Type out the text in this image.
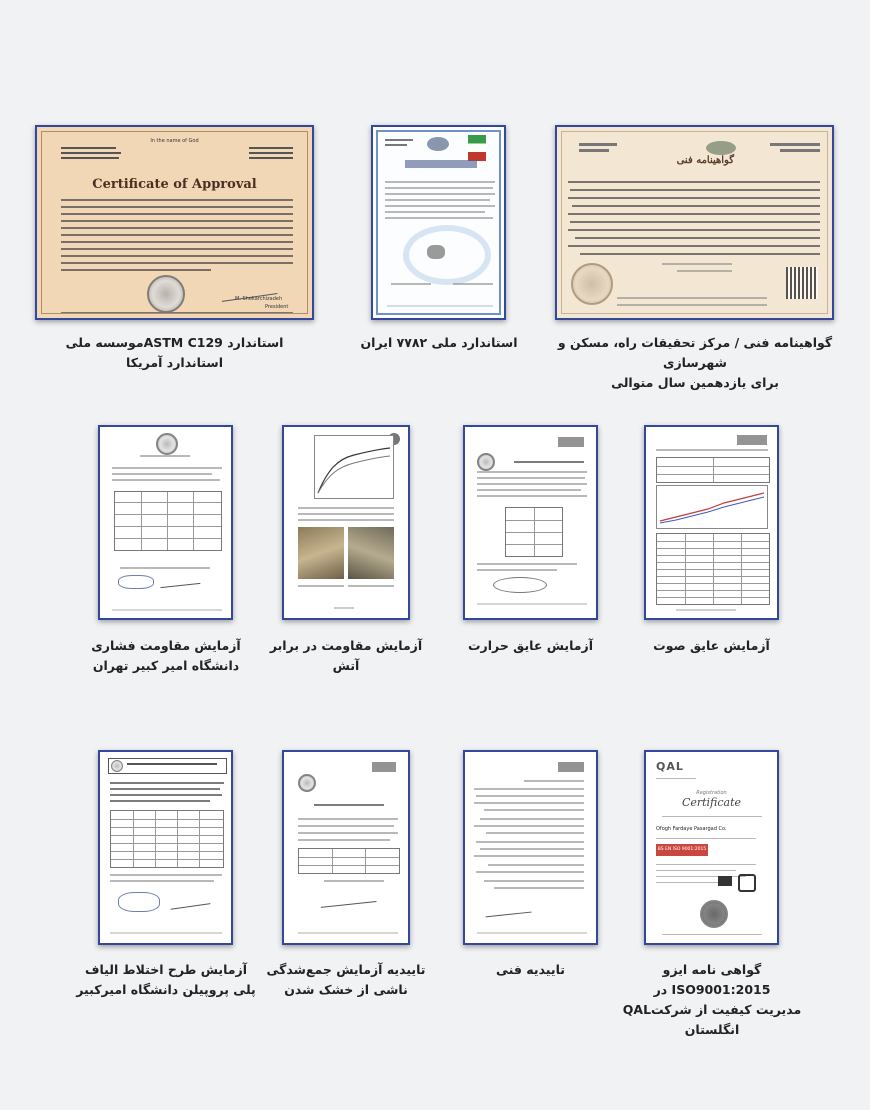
گواهینامه فنی
گواهینامه فنی / مرکز تحقیقات راه، مسکن و شهرسازی
برای یازدهمین سال متوالی
استاندارد ملی ۷۷۸۲ ایران
In the name of God
Certificate of Approval
M. Shekarchizadeh
President
استاندارد ASTM C129موسسه ملی
استاندارد آمریکا
آزمایش عایق صوت
آزمایش عایق حرارت
آزمایش مقاومت در برابر آتش
آزمایش مقاومت فشاری
دانشگاه امیر کبیر تهران
QAL
Registration
Certificate
Ofogh Fardaye Pasargad Co.
BS EN ISO 9001:2015
گواهی نامه ایزو ISO9001:2015 در
مدیریت کیفیت از شرکتQAL
انگلستان
تاییدیه فنی
تاییدیه آزمایش جمع‌شدگی
ناشی از خشک شدن
آزمایش طرح اختلاط الیاف
پلی پروپیلن دانشگاه امیرکبیر
